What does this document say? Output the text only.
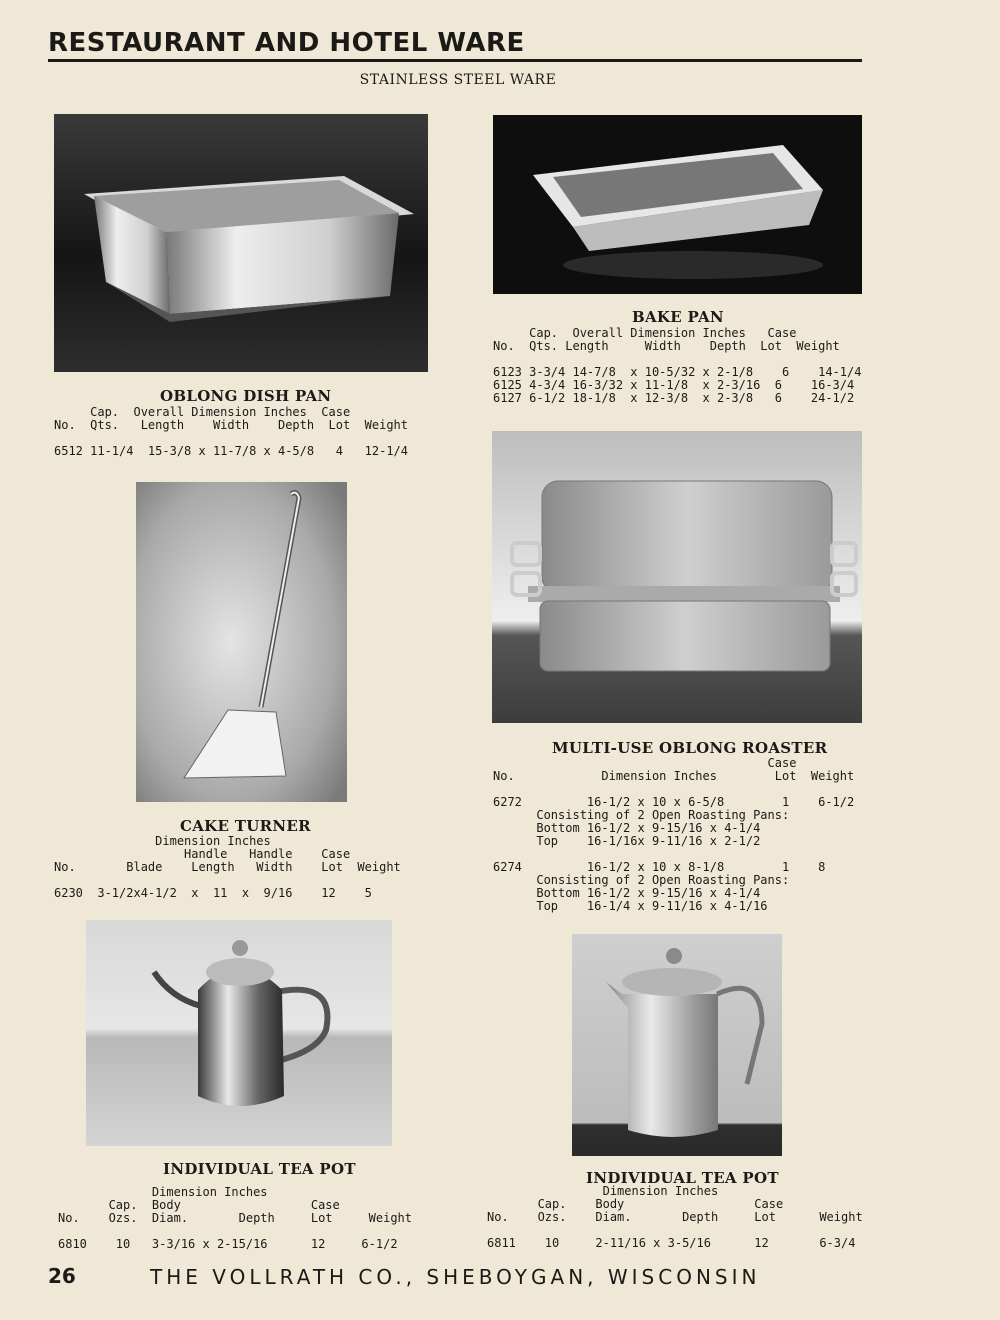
RESTAURANT AND HOTEL WARE
STAINLESS STEEL WARE
BAKE PAN
Cap.  Overall Dimension Inches   Case
No.  Qts. Length     Width    Depth  Lot  Weight

6123 3-3/4 14-7/8  x 10-5/32 x 2-1/8    6    14-1/4
6125 4-3/4 16-3/32 x 11-1/8  x 2-3/16  6    16-3/4
6127 6-1/2 18-1/8  x 12-3/8  x 2-3/8   6    24-1/2
OBLONG DISH PAN
Cap.  Overall Dimension Inches  Case
No.  Qts.   Length    Width    Depth  Lot  Weight

6512 11-1/4  15-3/8 x 11-7/8 x 4-5/8   4   12-1/4
MULTI-USE OBLONG ROASTER
Case
No.            Dimension Inches        Lot  Weight

6272         16-1/2 x 10 x 6-5/8        1    6-1/2
Consisting of 2 Open Roasting Pans:
Bottom 16-1/2 x 9-15/16 x 4-1/4
Top    16-1/16x 9-11/16 x 2-1/2

6274         16-1/2 x 10 x 8-1/8        1    8
Consisting of 2 Open Roasting Pans:
Bottom 16-1/2 x 9-15/16 x 4-1/4
Top    16-1/4 x 9-11/16 x 4-1/16
CAKE TURNER
Dimension Inches
Handle   Handle    Case
No.       Blade    Length   Width    Lot  Weight

6230  3-1/2x4-1/2  x  11  x  9/16    12    5
INDIVIDUAL TEA POT
Dimension Inches
Cap.  Body                  Case
No.    Ozs.  Diam.       Depth     Lot     Weight

6810    10   3-3/16 x 2-15/16      12     6-1/2
INDIVIDUAL TEA POT
Dimension Inches
Cap.    Body                  Case
No.    Ozs.    Diam.       Depth     Lot      Weight

6811    10     2-11/16 x 3-5/16      12       6-3/4
26	THE VOLLRATH CO., SHEBOYGAN, WISCONSIN
